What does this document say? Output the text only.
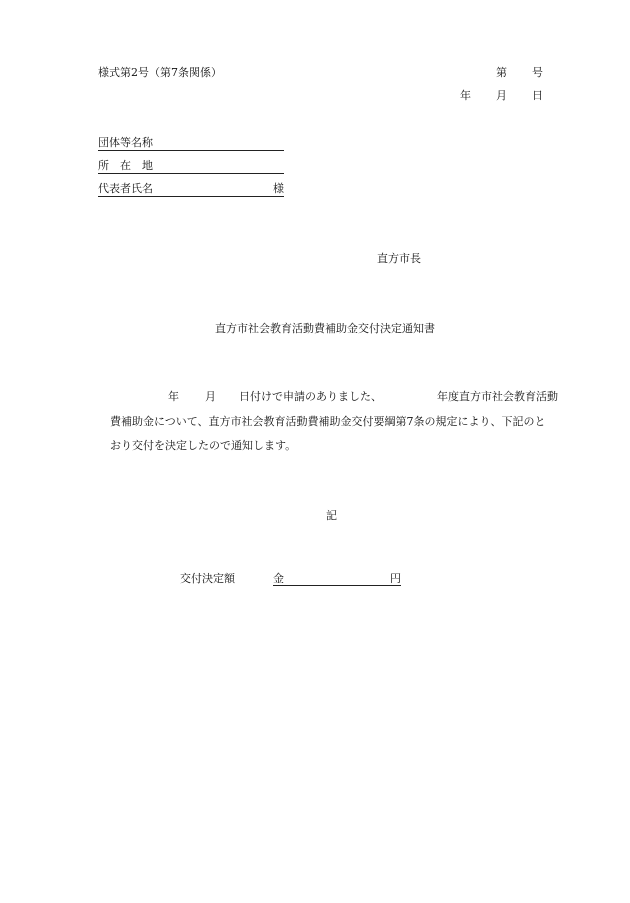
様式第2号（第7条関係）	第 号
年 月 日
団体等名称
所　在　地
代表者氏名	様
直方市長
直方市社会教育活動費補助金交付決定通知書
年 月 日付けで申請のありました、	年度直方市社会教育活動
費補助金について、直方市社会教育活動費補助金交付要綱第7条の規定により、下記のと
おり交付を決定したので通知します。
記
交付決定額	金	円
